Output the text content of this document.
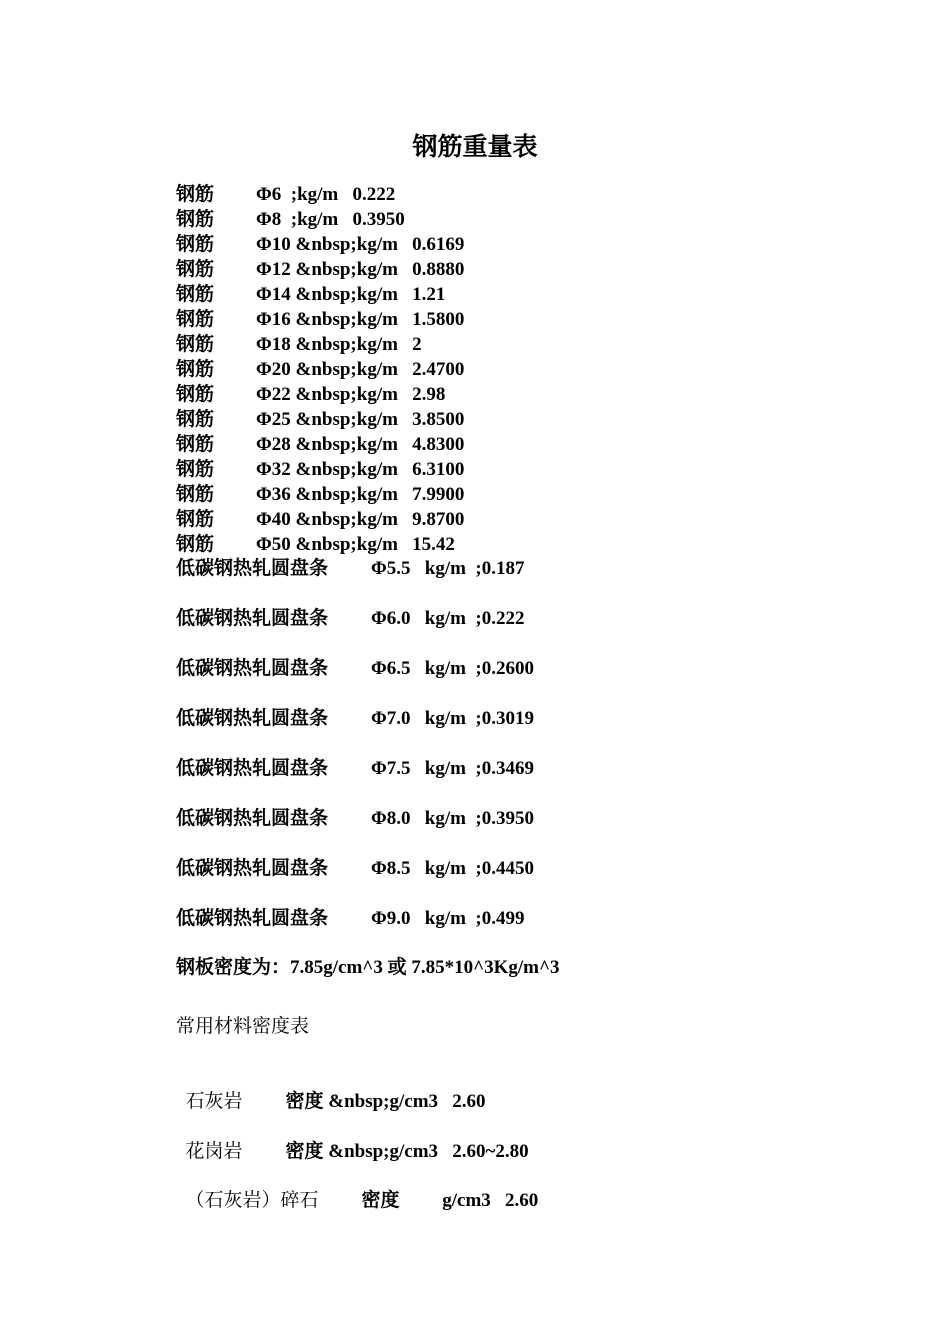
钢筋重量表
钢筋 Φ6  ;kg/m   0.222
钢筋 Φ8  ;kg/m   0.3950
钢筋 Φ10 &nbsp;kg/m   0.6169
钢筋 Φ12 &nbsp;kg/m   0.8880
钢筋 Φ14 &nbsp;kg/m   1.21
钢筋 Φ16 &nbsp;kg/m   1.5800
钢筋 Φ18 &nbsp;kg/m   2
钢筋 Φ20 &nbsp;kg/m   2.4700
钢筋 Φ22 &nbsp;kg/m   2.98
钢筋 Φ25 &nbsp;kg/m   3.8500
钢筋 Φ28 &nbsp;kg/m   4.8300
钢筋 Φ32 &nbsp;kg/m   6.3100
钢筋 Φ36 &nbsp;kg/m   7.9900
钢筋 Φ40 &nbsp;kg/m   9.8700
钢筋 Φ50 &nbsp;kg/m   15.42
低碳钢热轧圆盘条 Φ5.5   kg/m  ;0.187
低碳钢热轧圆盘条 Φ6.0   kg/m  ;0.222
低碳钢热轧圆盘条 Φ6.5   kg/m  ;0.2600
低碳钢热轧圆盘条 Φ7.0   kg/m  ;0.3019
低碳钢热轧圆盘条 Φ7.5   kg/m  ;0.3469
低碳钢热轧圆盘条 Φ8.0   kg/m  ;0.3950
低碳钢热轧圆盘条 Φ8.5   kg/m  ;0.4450
低碳钢热轧圆盘条 Φ9.0   kg/m  ;0.499
钢板密度为：7.85g/cm^3 或 7.85*10^3Kg/m^3
常用材料密度表

石灰岩 密度 &nbsp;g/cm3   2.60

花岗岩 密度 &nbsp;g/cm3   2.60~2.80

（石灰岩）碎石 密度         g/cm3   2.60
